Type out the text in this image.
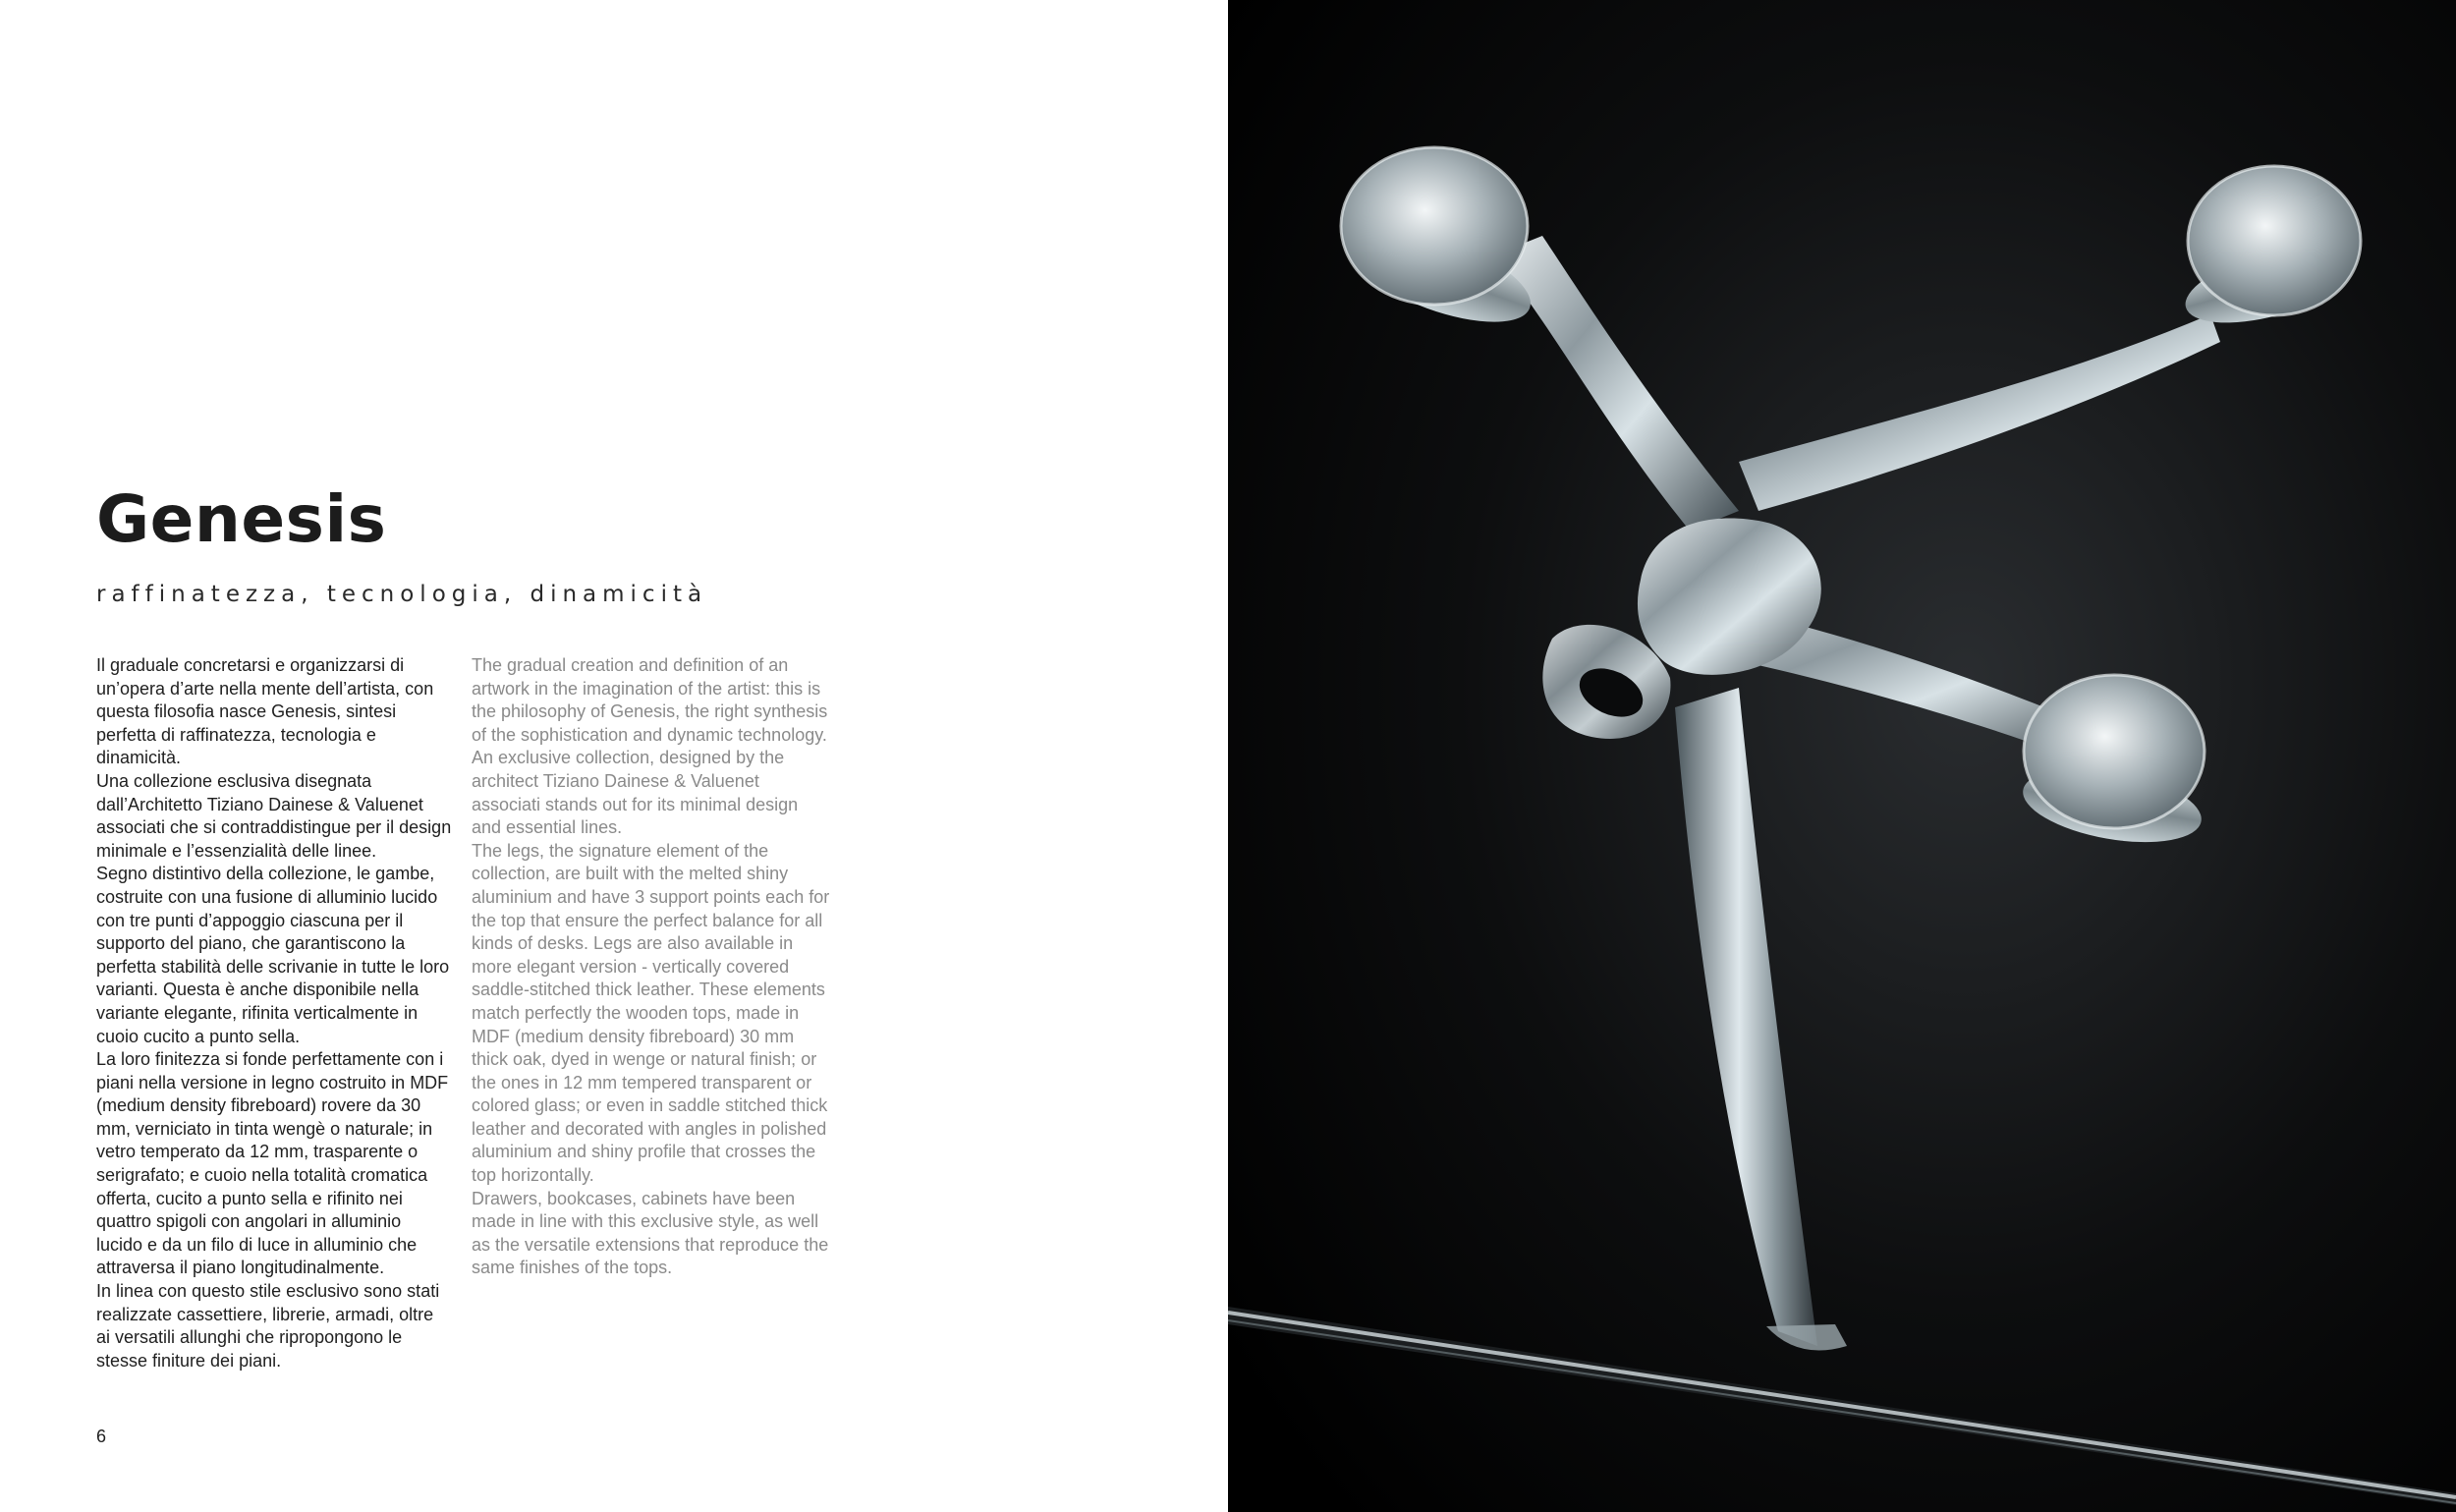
Genesis
raffinatezza, tecnologia, dinamicità

Il graduale concretarsi e organizzarsi di un’opera d’arte nella mente dell’artista, con questa filosofia nasce Genesis, sintesi perfetta di raffinatezza, tecnologia e dinamicità.

Una collezione esclusiva disegnata dall’Architetto Tiziano Dainese & Valuenet associati che si contraddistingue per il design minimale e l’essenzialità delle linee.

Segno distintivo della collezione, le gambe, costruite con una fusione di alluminio lucido con tre punti d’appoggio ciascuna per il supporto del piano, che garantiscono la perfetta stabilità delle scrivanie in tutte le loro varianti. Questa è anche disponibile nella variante elegante, rifinita verticalmente in cuoio cucito a punto sella.

La loro finitezza si fonde perfettamente con i piani nella versione in legno costruito in MDF (medium density fibreboard) rovere da 30 mm, verniciato in tinta wengè o naturale; in vetro temperato da 12 mm, trasparente o serigrafato; e cuoio nella totalità cromatica offerta, cucito a punto sella e rifinito nei quattro spigoli con angolari in alluminio lucido e da un filo di luce in alluminio che attraversa il piano longitudinalmente.

In linea con questo stile esclusivo sono stati realizzate cassettiere, librerie, armadi, oltre ai versatili allunghi che ripropongono le stesse finiture dei piani.

The gradual creation and definition of an artwork in the imagination of the artist: this is the philosophy of Genesis, the right synthesis of the sophistication and dynamic technology.

An exclusive collection, designed by the architect Tiziano Dainese & Valuenet associati stands out for its minimal design and essential lines.

The legs, the signature element of the collection, are built with the melted shiny aluminium and have 3 support points each for the top that ensure the perfect balance for all kinds of desks. Legs are also available in more elegant version - vertically covered saddle-stitched thick leather. These elements match perfectly the wooden tops, made in MDF (medium density fibreboard) 30 mm thick oak, dyed in wenge or natural finish; or the ones in 12 mm tempered transparent or colored glass; or even in saddle stitched thick leather and decorated with angles in polished aluminium and shiny profile that crosses the top horizontally.

Drawers, bookcases, cabinets have been made in line with this exclusive style, as well as the versatile extensions that reproduce the same finishes of the tops.

6
